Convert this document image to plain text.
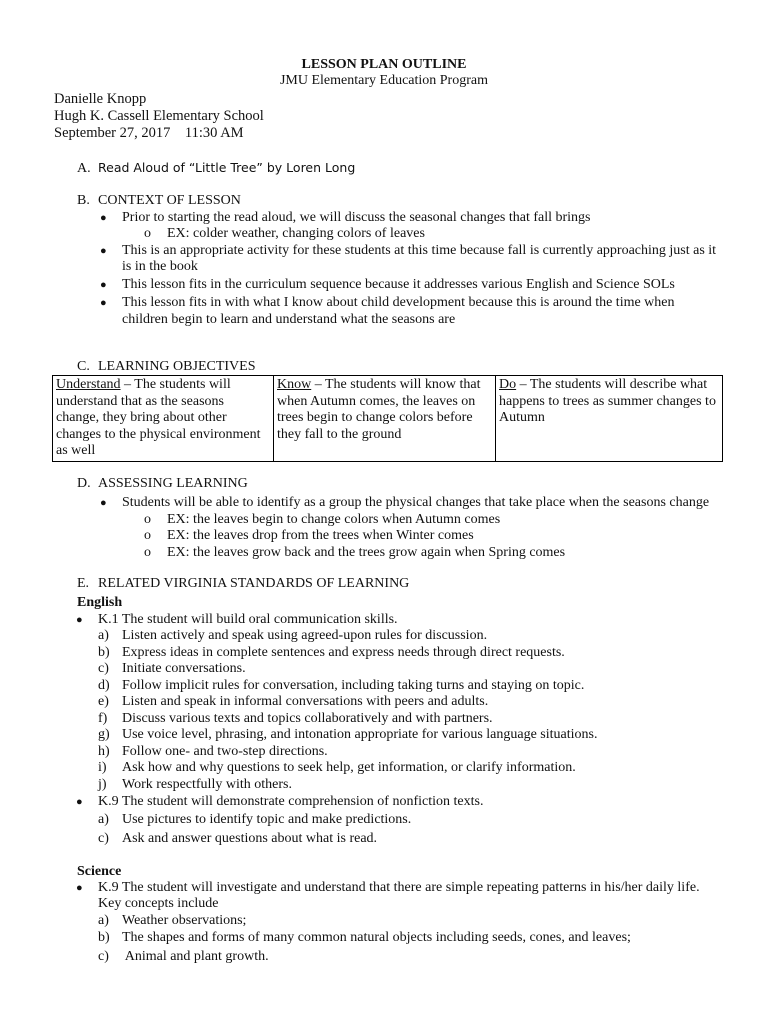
LESSON PLAN OUTLINE
JMU Elementary Education Program
Danielle Knopp
Hugh K. Cassell Elementary School
September 27, 2017    11:30 AM
A. Read Aloud of “Little Tree” by Loren Long
B. CONTEXT OF LESSON
● Prior to starting the read aloud, we will discuss the seasonal changes that fall brings
o EX: colder weather, changing colors of leaves
● This is an appropriate activity for these students at this time because fall is currently approaching just as it
is in the book
● This lesson fits in the curriculum sequence because it addresses various English and Science SOLs
● This lesson fits in with what I know about child development because this is around the time when
children begin to learn and understand what the seasons are
C. LEARNING OBJECTIVES
Understand – The students will understand that as the seasons change, they bring about other changes to the physical environment as well	Know – The students will know that when Autumn comes, the leaves on trees begin to change colors before they fall to the ground	Do – The students will describe what happens to trees as summer changes to Autumn
D. ASSESSING LEARNING
● Students will be able to identify as a group the physical changes that take place when the seasons change
o EX: the leaves begin to change colors when Autumn comes
o EX: the leaves drop from the trees when Winter comes
o EX: the leaves grow back and the trees grow again when Spring comes
E. RELATED VIRGINIA STANDARDS OF LEARNING
English
● K.1 The student will build oral communication skills.
a) Listen actively and speak using agreed-upon rules for discussion.
b) Express ideas in complete sentences and express needs through direct requests.
c) Initiate conversations.
d) Follow implicit rules for conversation, including taking turns and staying on topic.
e) Listen and speak in informal conversations with peers and adults.
f) Discuss various texts and topics collaboratively and with partners.
g) Use voice level, phrasing, and intonation appropriate for various language situations.
h) Follow one- and two-step directions.
i) Ask how and why questions to seek help, get information, or clarify information.
j) Work respectfully with others.
● K.9 The student will demonstrate comprehension of nonfiction texts.
a) Use pictures to identify topic and make predictions.
c) Ask and answer questions about what is read.
Science
● K.9 The student will investigate and understand that there are simple repeating patterns in his/her daily life.
Key concepts include
a) Weather observations;
b) The shapes and forms of many common natural objects including seeds, cones, and leaves;
c) Animal and plant growth.
